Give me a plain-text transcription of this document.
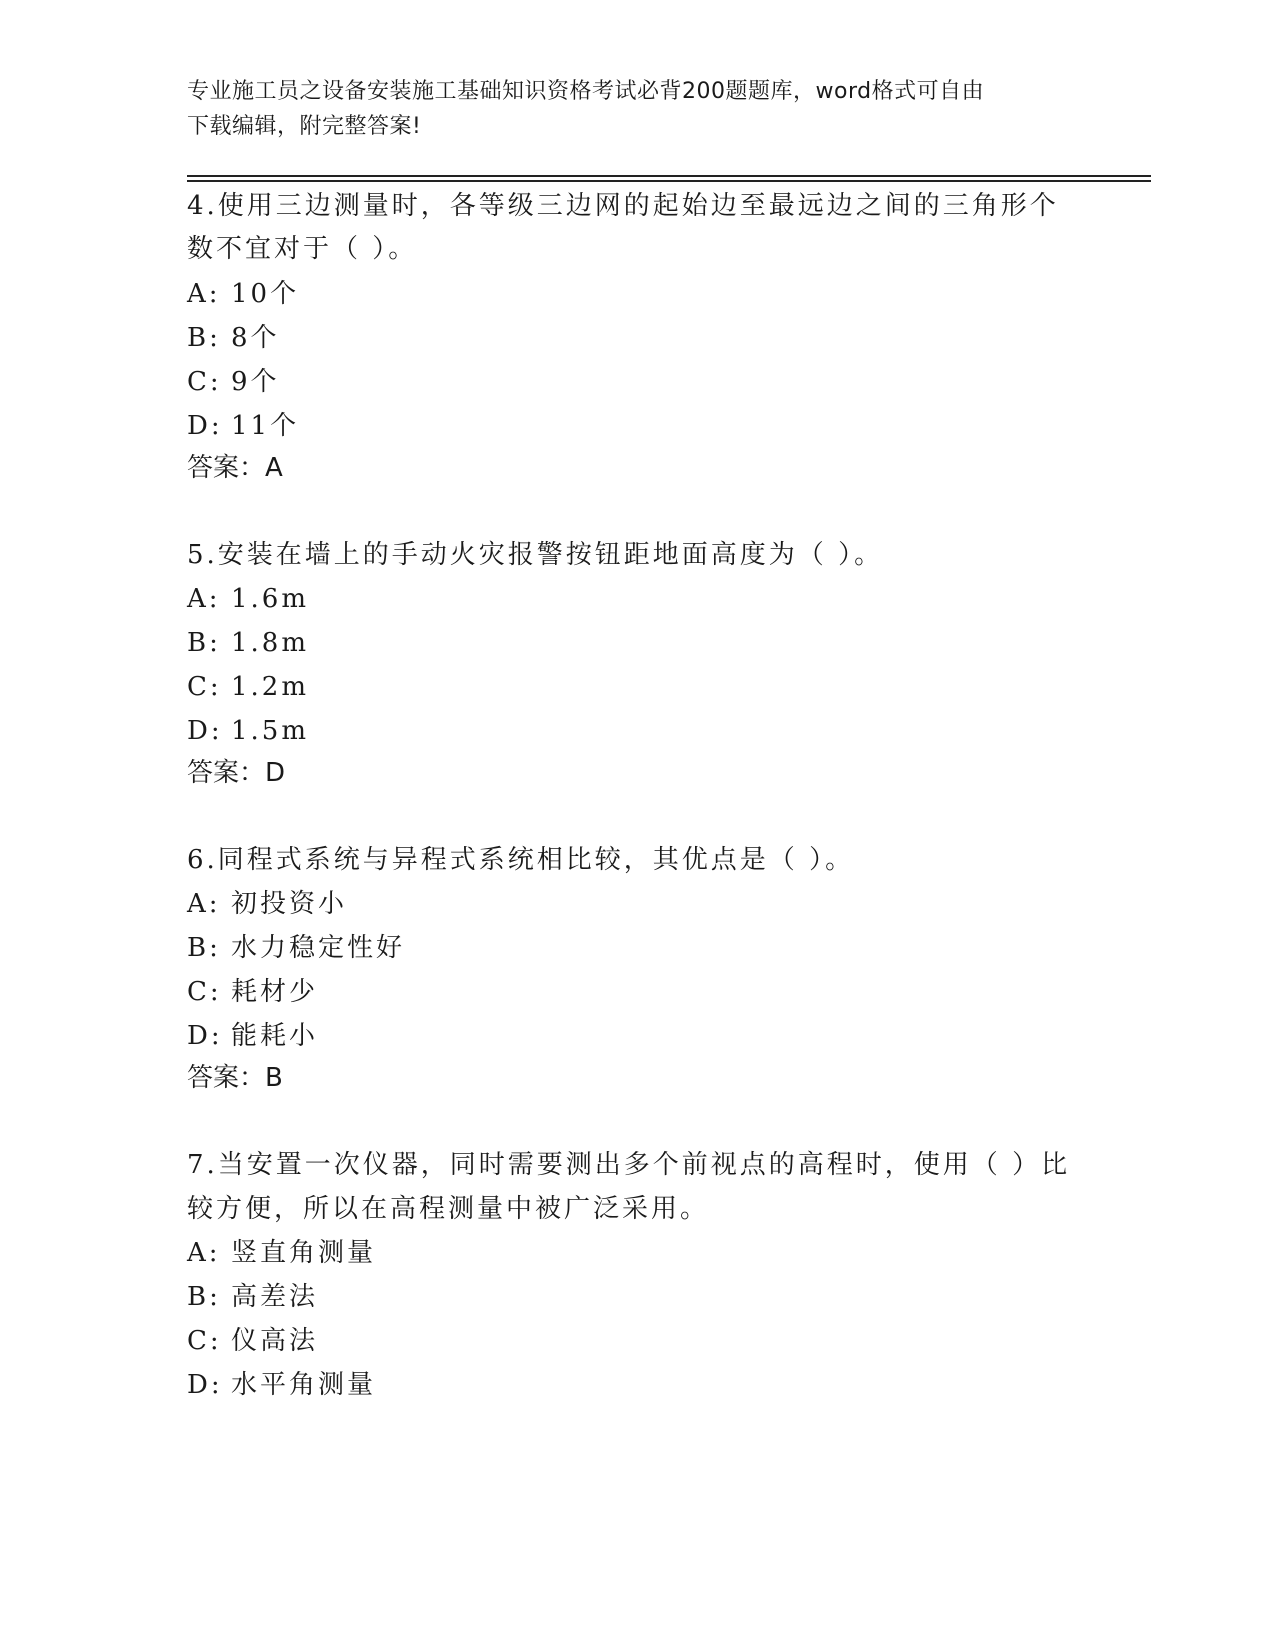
专业施工员之设备安装施工基础知识资格考试必背200题题库，word格式可自由
下载编辑，附完整答案!
4.使用三边测量时，各等级三边网的起始边至最远边之间的三角形个
数不宜对于（ ）。
A: 10个
B: 8个
C: 9个
D: 11个
答案：A
5.安装在墙上的手动火灾报警按钮距地面高度为（ ）。
A: 1.6m
B: 1.8m
C: 1.2m
D: 1.5m
答案：D
6.同程式系统与异程式系统相比较，其优点是（ ）。
A: 初投资小
B: 水力稳定性好
C: 耗材少
D: 能耗小
答案：B
7.当安置一次仪器，同时需要测出多个前视点的高程时，使用（ ）比
较方便，所以在高程测量中被广泛采用。
A: 竖直角测量
B: 高差法
C: 仪高法
D: 水平角测量
